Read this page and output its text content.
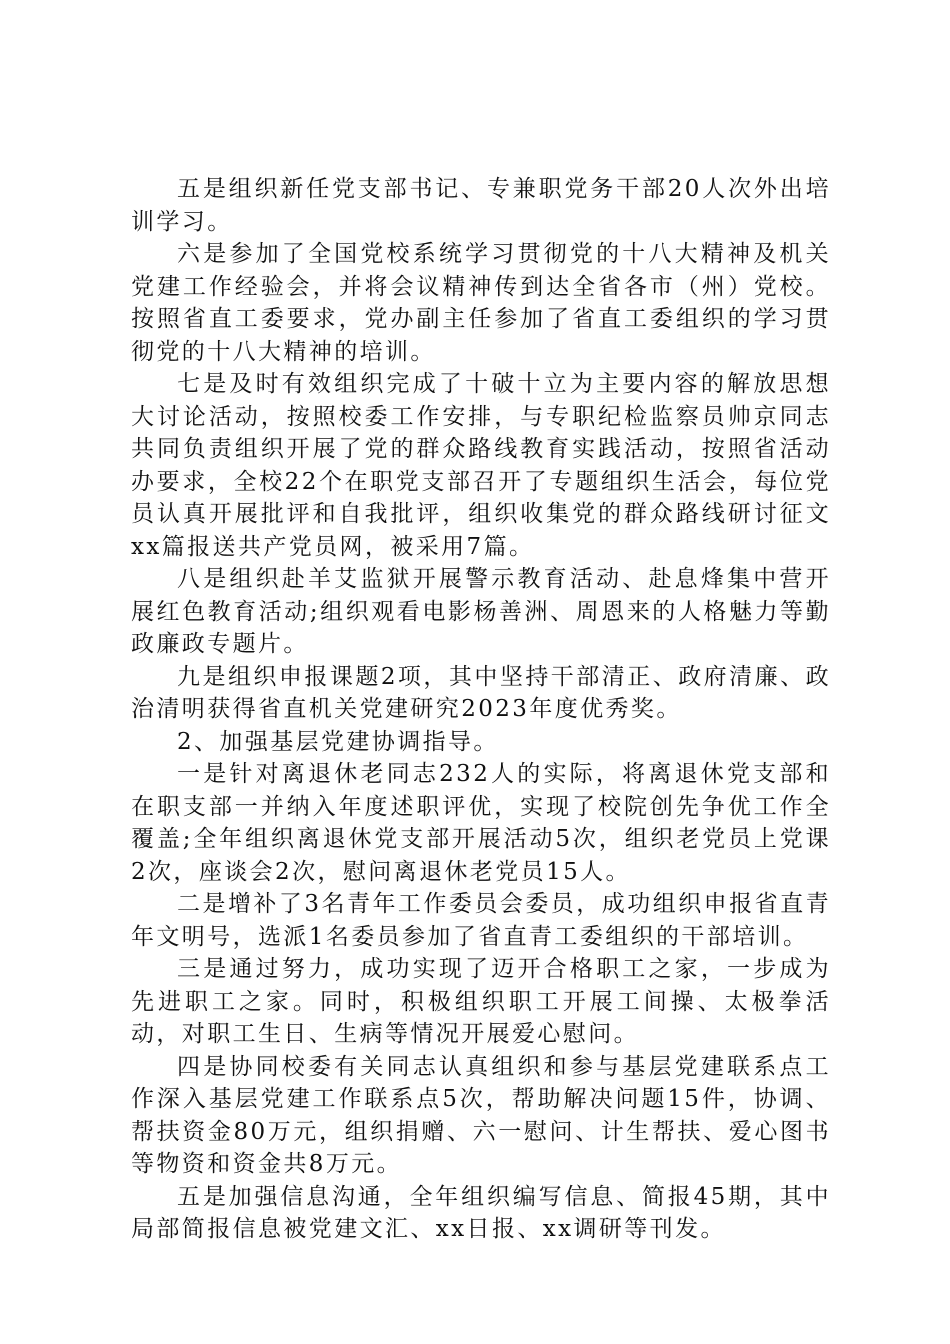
五是组织新任党支部书记、专兼职党务干部20人次外出培训学习。

六是参加了全国党校系统学习贯彻党的十八大精神及机关党建工作经验会，并将会议精神传到达全省各市（州）党校。按照省直工委要求，党办副主任参加了省直工委组织的学习贯彻党的十八大精神的培训。

七是及时有效组织完成了十破十立为主要内容的解放思想大讨论活动，按照校委工作安排，与专职纪检监察员帅京同志共同负责组织开展了党的群众路线教育实践活动，按照省活动办要求，全校22个在职党支部召开了专题组织生活会，每位党员认真开展批评和自我批评，组织收集党的群众路线研讨征文xx篇报送共产党员网，被采用7篇。

八是组织赴羊艾监狱开展警示教育活动、赴息烽集中营开展红色教育活动;组织观看电影杨善洲、周恩来的人格魅力等勤政廉政专题片。

九是组织申报课题2项，其中坚持干部清正、政府清廉、政治清明获得省直机关党建研究2023年度优秀奖。

2、加强基层党建协调指导。

一是针对离退休老同志232人的实际，将离退休党支部和在职支部一并纳入年度述职评优，实现了校院创先争优工作全覆盖;全年组织离退休党支部开展活动5次，组织老党员上党课2次，座谈会2次，慰问离退休老党员15人。

二是增补了3名青年工作委员会委员，成功组织申报省直青年文明号，选派1名委员参加了省直青工委组织的干部培训。

三是通过努力，成功实现了迈开合格职工之家，一步成为先进职工之家。同时，积极组织职工开展工间操、太极拳活动，对职工生日、生病等情况开展爱心慰问。

四是协同校委有关同志认真组织和参与基层党建联系点工作深入基层党建工作联系点5次，帮助解决问题15件，协调、帮扶资金80万元，组织捐赠、六一慰问、计生帮扶、爱心图书等物资和资金共8万元。

五是加强信息沟通，全年组织编写信息、简报45期，其中局部简报信息被党建文汇、xx日报、xx调研等刊发。
